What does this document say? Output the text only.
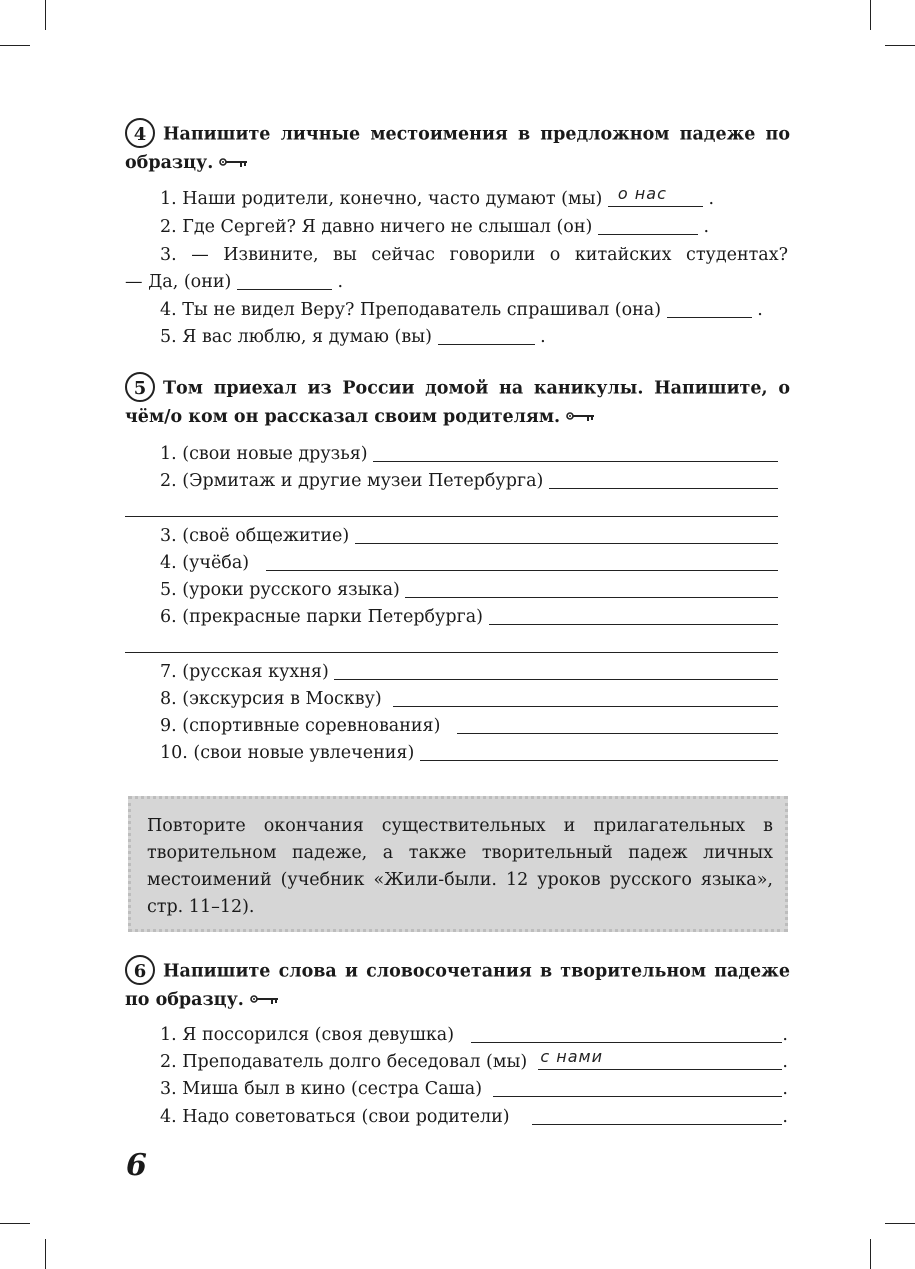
4 Напишите личные местоимения в предложном падеже по образцу.
1. Наши родители, конечно, часто думают (мы)
о нас
.
2. Где Сергей? Я давно ничего не слышал (он)

	.
3. — Извините, вы сейчас говорили о китайских студентах?
— Да, (они)

	.
4. Ты не видел Веру? Преподаватель спрашивал (она)

	.
5. Я вас люблю, я думаю (вы)

	.
5 Том приехал из России домой на каникулы. Напишите, о чём/о ком он рассказал своим родителям.
1. (свои новые друзья)

2. (Эрмитаж и другие музеи Петербурга)

3. (своё общежитие)

4. (учёба)

5. (уроки русского языка)

6. (прекрасные парки Петербурга)

7. (русская кухня)

8. (экскурсия в Москву)

9. (спортивные соревнования)

10. (свои новые увлечения)

Повторите окончания существительных и прилагательных в творительном падеже, а также творительный падеж личных местоимений (учебник «Жили-были. 12 уроков русского языка», стр. 11–12).
6 Напишите слова и словосочетания в творительном падеже по образцу.
1. Я поссорился (своя девушка)
	.
2. Преподаватель долго беседовал (мы)
с нами	.
3. Миша был в кино (сестра Саша)
	.
4. Надо советоваться (свои родители)
	.
6
